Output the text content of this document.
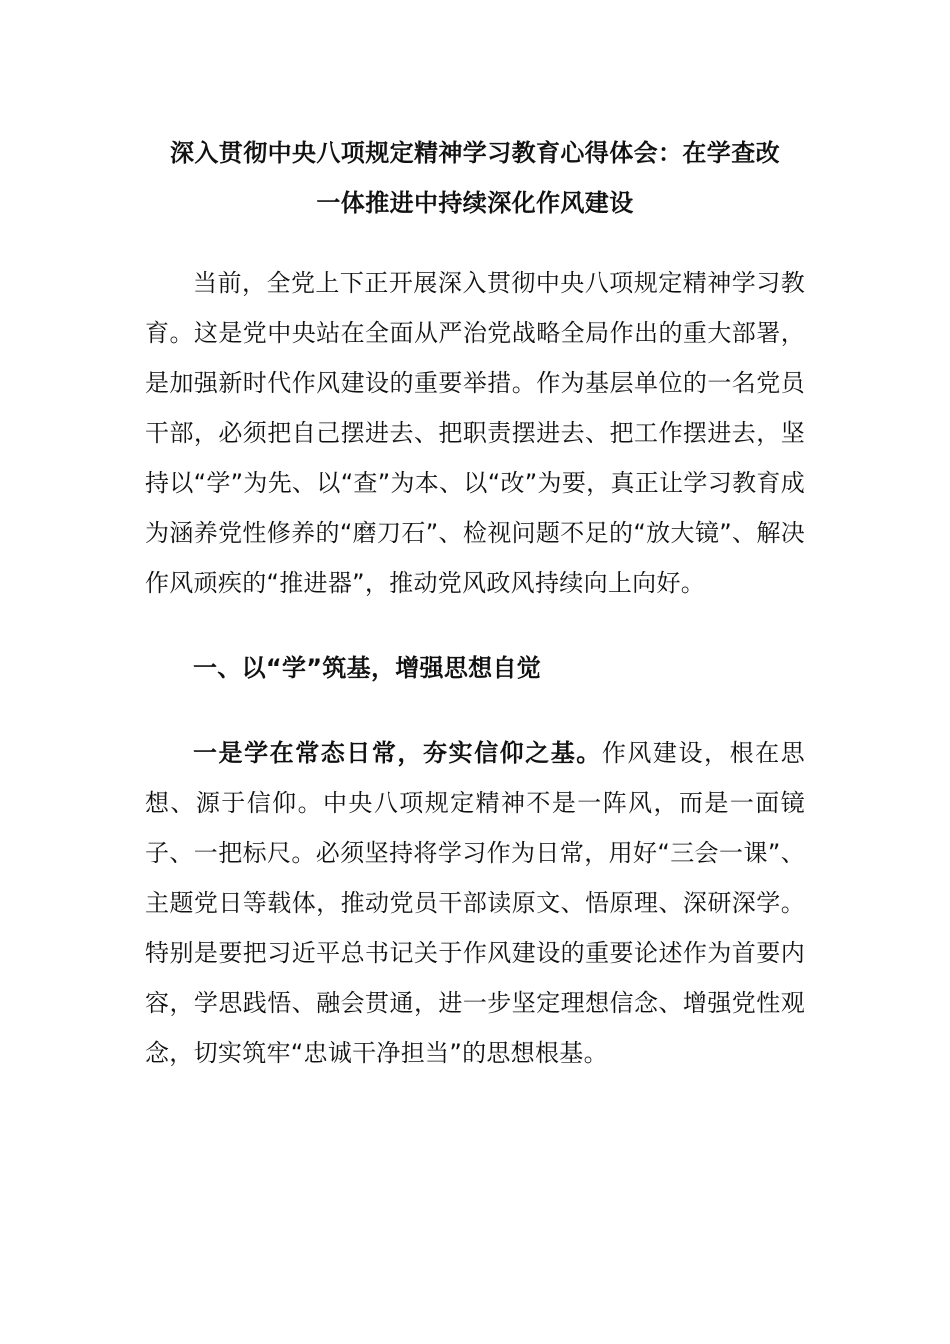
深入贯彻中央八项规定精神学习教育心得体会：在学查改
一体推进中持续深化作风建设

当前，全党上下正开展深入贯彻中央八项规定精神学习教育。这是党中央站在全面从严治党战略全局作出的重大部署，是加强新时代作风建设的重要举措。作为基层单位的一名党员干部，必须把自己摆进去、把职责摆进去、把工作摆进去，坚持以“学”为先、以“查”为本、以“改”为要，真正让学习教育成为涵养党性修养的“磨刀石”、检视问题不足的“放大镜”、解决作风顽疾的“推进器”，推动党风政风持续向上向好。

一、以“学”筑基，增强思想自觉

一是学在常态日常，夯实信仰之基。作风建设，根在思想、源于信仰。中央八项规定精神不是一阵风，而是一面镜子、一把标尺。必须坚持将学习作为日常，用好“三会一课”、主题党日等载体，推动党员干部读原文、悟原理、深研深学。特别是要把习近平总书记关于作风建设的重要论述作为首要内容，学思践悟、融会贯通，进一步坚定理想信念、增强党性观念，切实筑牢“忠诚干净担当”的思想根基。
